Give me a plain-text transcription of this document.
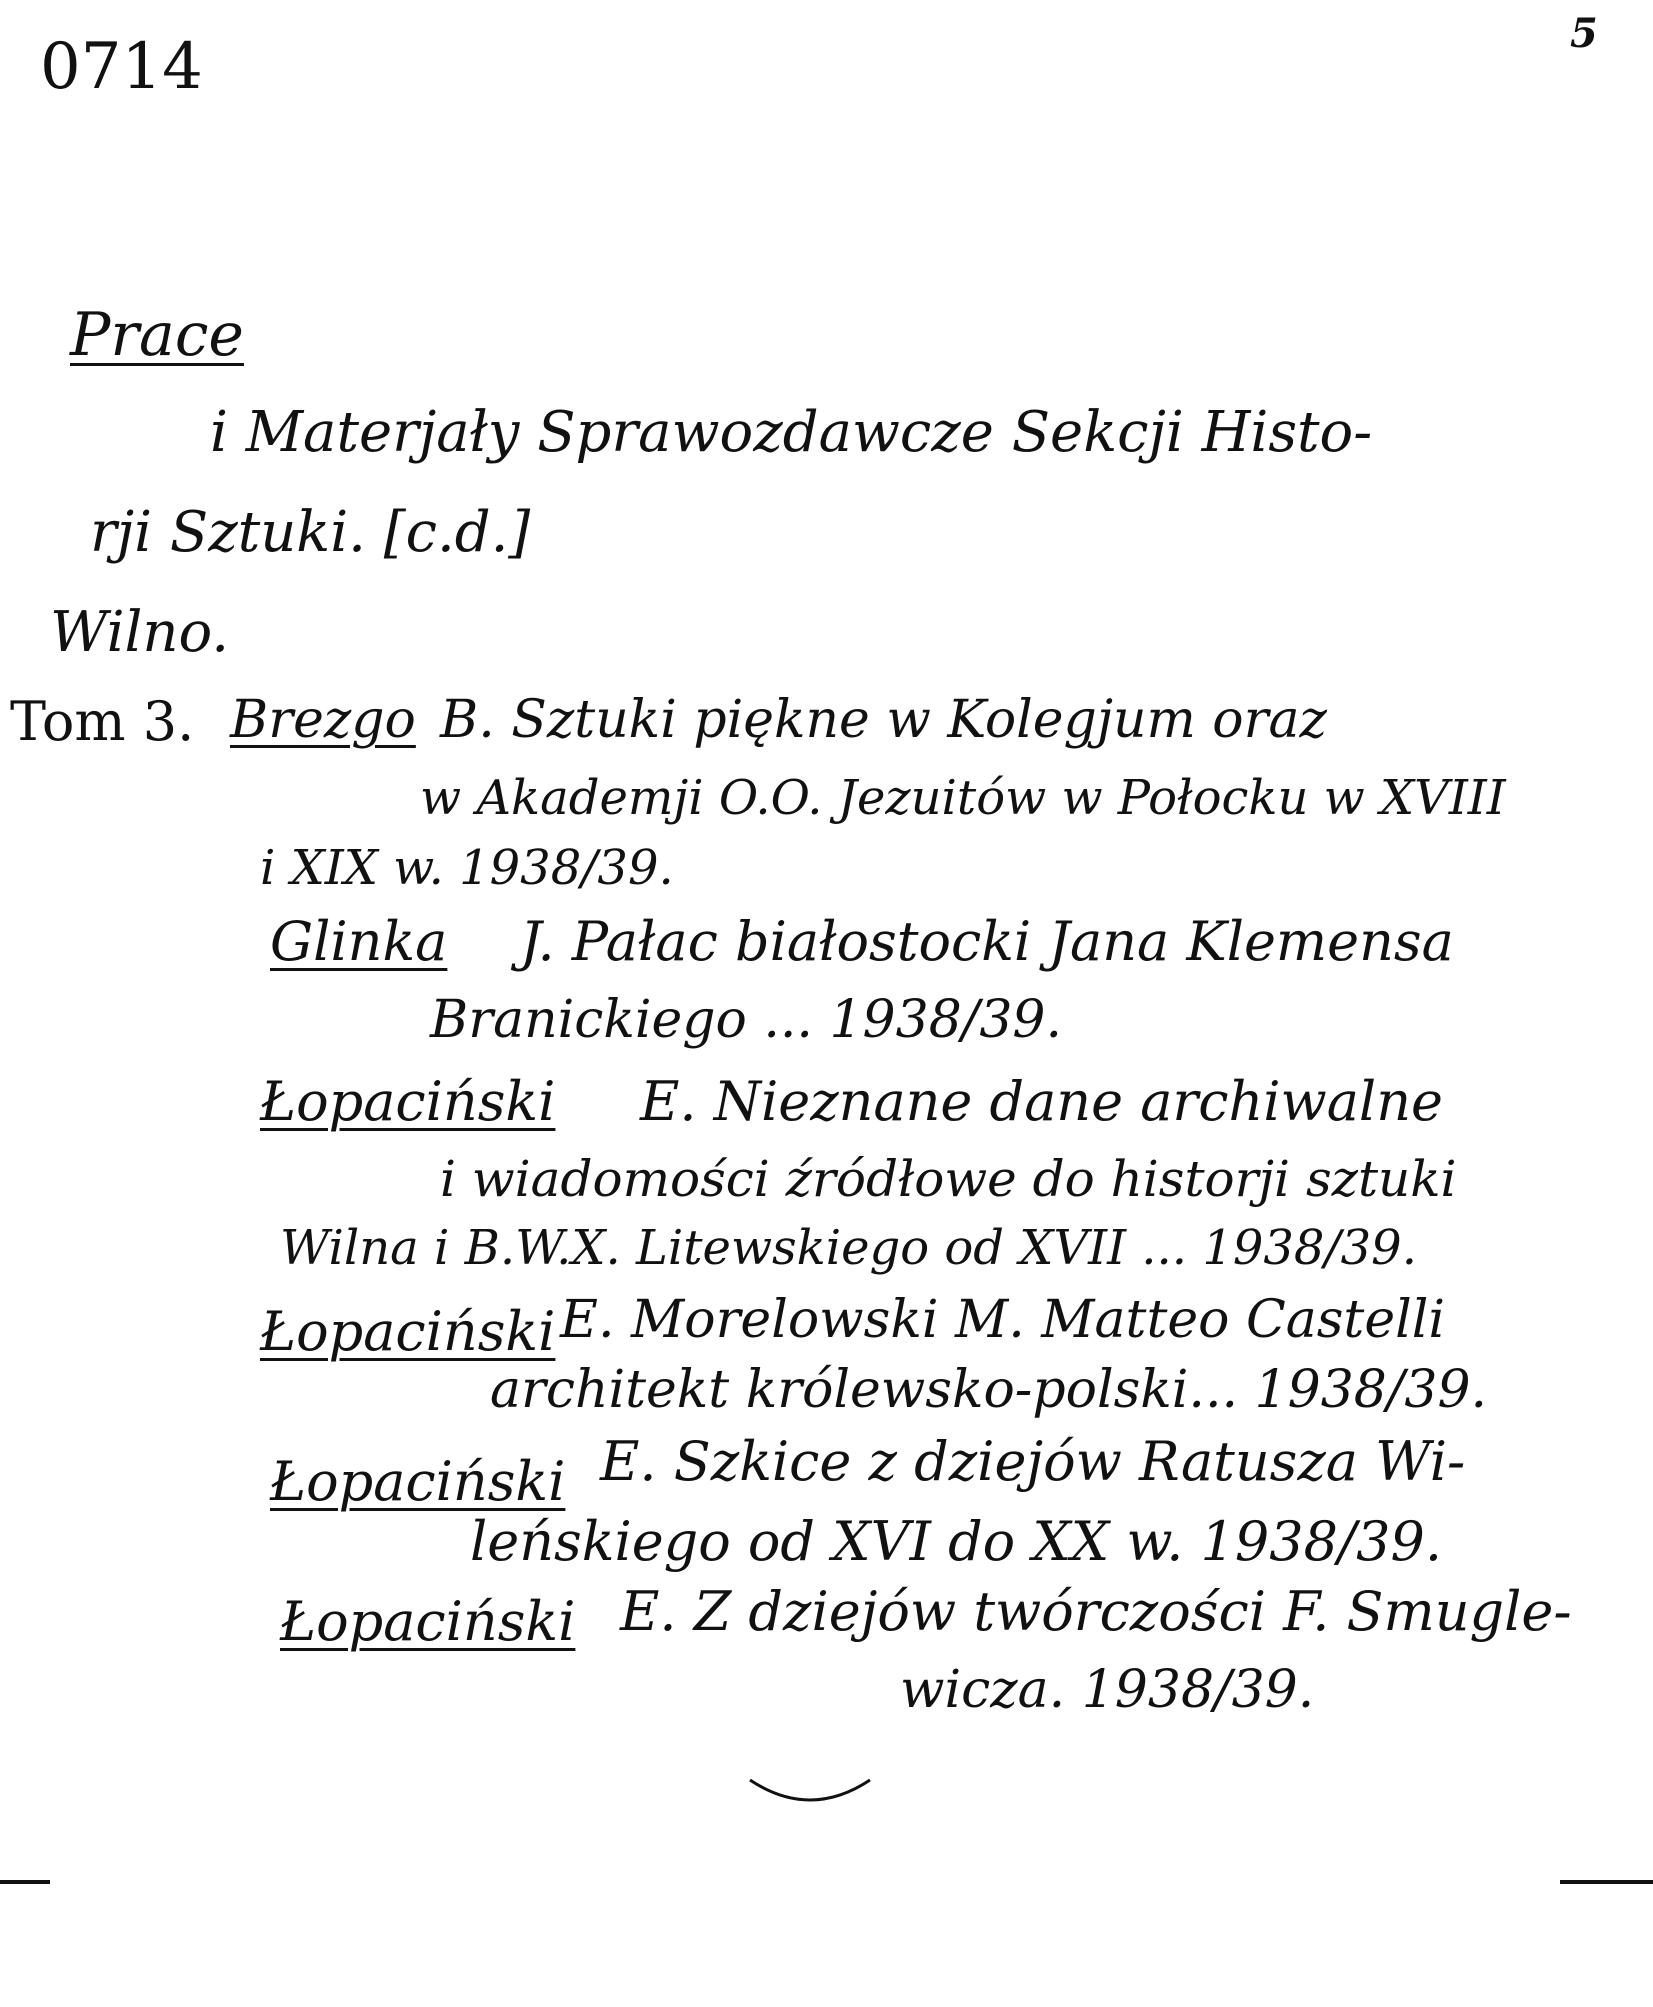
0714	5
Prace
i Materjały Sprawozdawcze Sekcji Histo-
rji Sztuki. [c.d.]
Wilno.
Tom 3. Brezgo B. Sztuki piękne w Kolegjum oraz
w Akademji O.O. Jezuitów w Połocku w XVIII
i XIX w. 1938/39.
Glinka J. Pałac białostocki Jana Klemensa
Branickiego ... 1938/39.
Łopaciński E. Nieznane dane archiwalne
i wiadomości źródłowe do historji sztuki
Wilna i B.W.X. Litewskiego od XVII ... 1938/39.
Łopaciński E. Morelowski M. Matteo Castelli
architekt królewsko-polski... 1938/39.
Łopaciński E. Szkice z dziejów Ratusza Wi-
leńskiego od XVI do XX w. 1938/39.
Łopaciński E. Z dziejów twórczości F. Smugle-
wicza. 1938/39.
